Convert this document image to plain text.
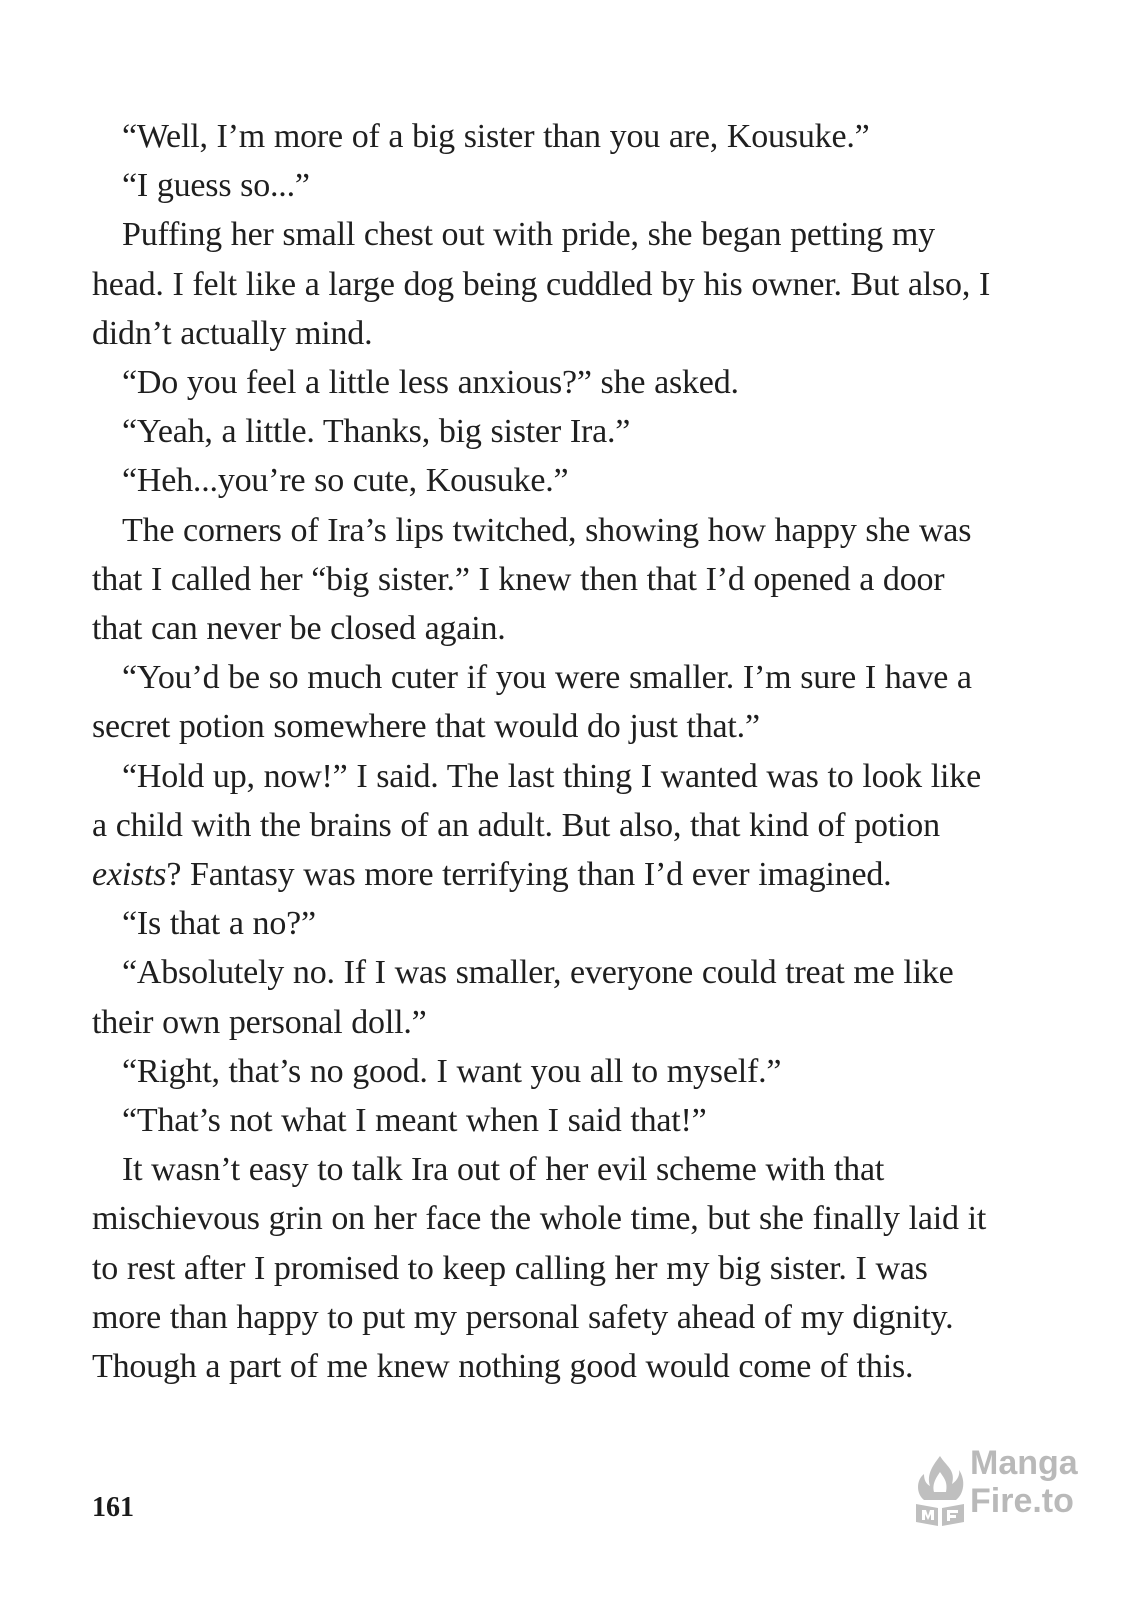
“Well, I’m more of a big sister than you are, Kousuke.”

“I guess so...”

Puffing her small chest out with pride, she began petting my head. I felt like a large dog being cuddled by his owner. But also, I didn’t actually mind.

“Do you feel a little less anxious?” she asked.

“Yeah, a little. Thanks, big sister Ira.”

“Heh...you’re so cute, Kousuke.”

The corners of Ira’s lips twitched, showing how happy she was that I called her “big sister.” I knew then that I’d opened a door that can never be closed again.

“You’d be so much cuter if you were smaller. I’m sure I have a secret potion somewhere that would do just that.”

“Hold up, now!” I said. The last thing I wanted was to look like a child with the brains of an adult. But also, that kind of potion exists? Fantasy was more terrifying than I’d ever imagined.

“Is that a no?”

“Absolutely no. If I was smaller, everyone could treat me like their own personal doll.”

“Right, that’s no good. I want you all to myself.”

“That’s not what I meant when I said that!”

It wasn’t easy to talk Ira out of her evil scheme with that mischievous grin on her face the whole time, but she finally laid it to rest after I promised to keep calling her my big sister. I was more than happy to put my personal safety ahead of my dignity. Though a part of me knew nothing good would come of this.

161
Manga
Fire.to
